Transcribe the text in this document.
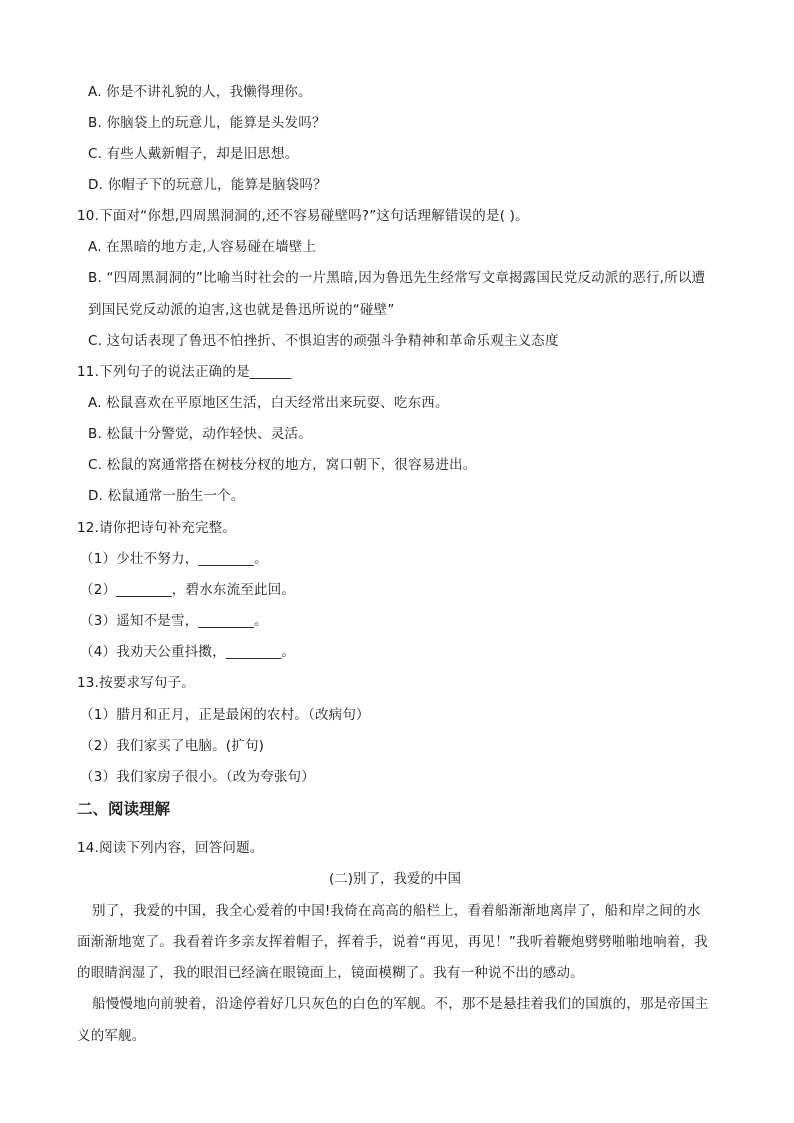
A. 你是不讲礼貌的人，我懒得理你。
B. 你脑袋上的玩意儿，能算是头发吗？
C. 有些人戴新帽子，却是旧思想。
D. 你帽子下的玩意儿，能算是脑袋吗？
10.下面对“你想,四周黑洞洞的,还不容易碰壁吗?”这句话理解错误的是( )。
A. 在黑暗的地方走,人容易碰在墙壁上
B. “四周黑洞洞的”比喻当时社会的一片黑暗,因为鲁迅先生经常写文章揭露国民党反动派的恶行,所以遭
到国民党反动派的迫害,这也就是鲁迅所说的“碰壁”
C. 这句话表现了鲁迅不怕挫折、不惧迫害的顽强斗争精神和革命乐观主义态度
11.下列句子的说法正确的是______
A. 松鼠喜欢在平原地区生活，白天经常出来玩耍、吃东西。
B. 松鼠十分警觉，动作轻快、灵活。
C. 松鼠的窝通常搭在树枝分杈的地方，窝口朝下，很容易进出。
D. 松鼠通常一胎生一个。
12.请你把诗句补充完整。
（1）少壮不努力，________。
（2）________，碧水东流至此回。
（3）遥知不是雪，________。
（4）我劝天公重抖擞，________。
13.按要求写句子。
（1）腊月和正月，正是最闲的农村。（改病句）
（2）我们家买了电脑。(扩句)
（3）我们家房子很小。（改为夸张句）
二、阅读理解
14.阅读下列内容，回答问题。
(二)别了，我爱的中国
别了，我爱的中国，我全心爱着的中国!我倚在高高的船栏上，看着船渐渐地离岸了，船和岸之间的水
面渐渐地宽了。我看着许多亲友挥着帽子，挥着手，说着“再见，再见！”我听着鞭炮劈劈啪啪地响着，我
的眼睛润湿了，我的眼泪已经滴在眼镜面上，镜面模糊了。我有一种说不出的感动。
船慢慢地向前驶着，沿途停着好几只灰色的白色的军舰。不，那不是悬挂着我们的国旗的，那是帝国主
义的军舰。
